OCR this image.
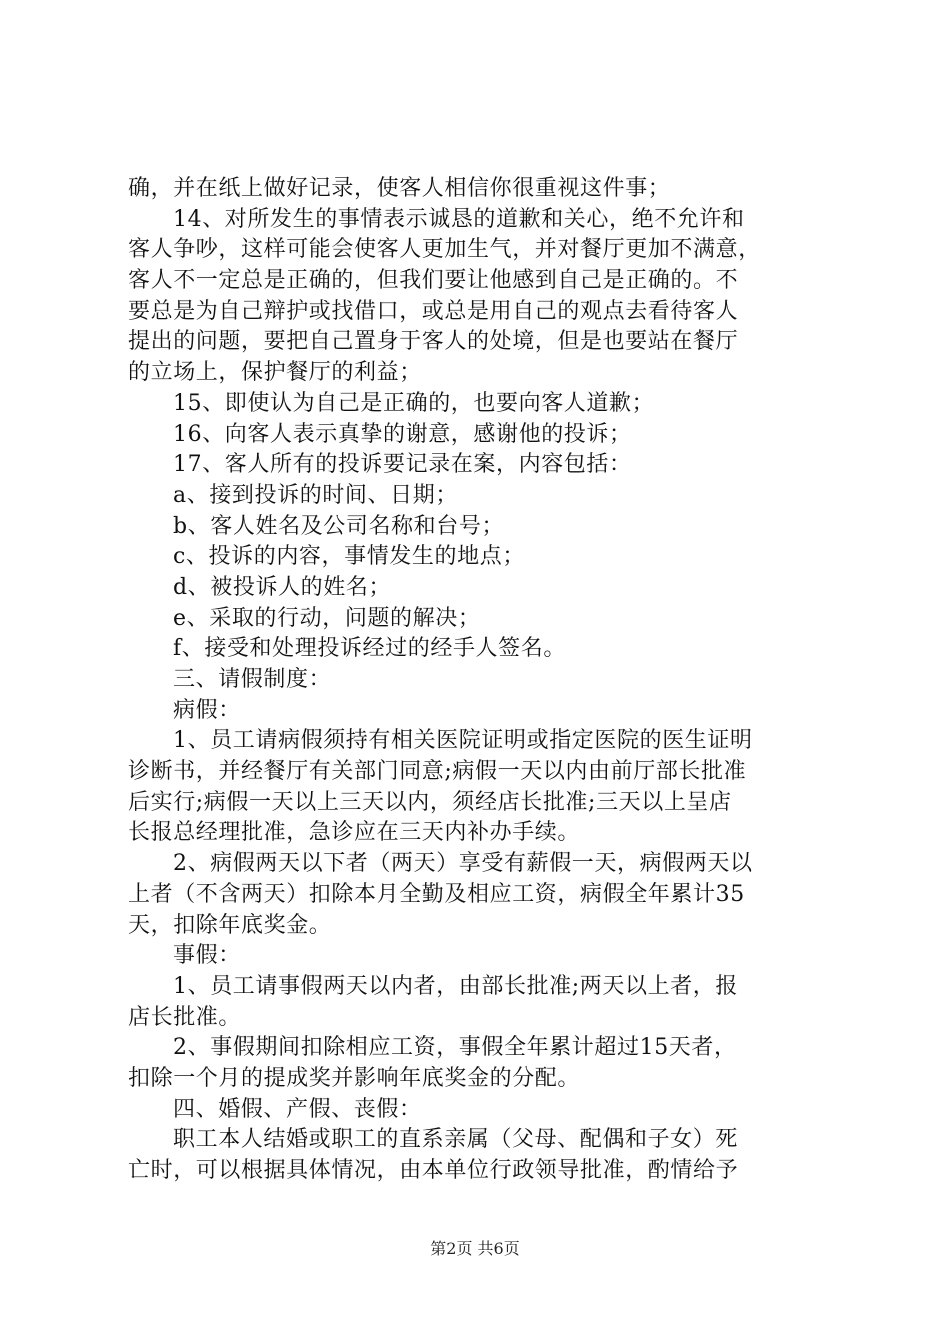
确，并在纸上做好记录，使客人相信你很重视这件事；
14、对所发生的事情表示诚恳的道歉和关心，绝不允许和
客人争吵，这样可能会使客人更加生气，并对餐厅更加不满意，
客人不一定总是正确的，但我们要让他感到自己是正确的。不
要总是为自己辩护或找借口，或总是用自己的观点去看待客人
提出的问题，要把自己置身于客人的处境，但是也要站在餐厅
的立场上，保护餐厅的利益；
15、即使认为自己是正确的，也要向客人道歉；
16、向客人表示真挚的谢意，感谢他的投诉；
17、客人所有的投诉要记录在案，内容包括：
a、接到投诉的时间、日期；
b、客人姓名及公司名称和台号；
c、投诉的内容，事情发生的地点；
d、被投诉人的姓名；
e、采取的行动，问题的解决；
f、接受和处理投诉经过的经手人签名。
三、请假制度：
病假：
1、员工请病假须持有相关医院证明或指定医院的医生证明
诊断书，并经餐厅有关部门同意;病假一天以内由前厅部长批准
后实行;病假一天以上三天以内，须经店长批准;三天以上呈店
长报总经理批准，急诊应在三天内补办手续。
2、病假两天以下者（两天）享受有薪假一天，病假两天以
上者（不含两天）扣除本月全勤及相应工资，病假全年累计35
天，扣除年底奖金。
事假：
1、员工请事假两天以内者，由部长批准;两天以上者，报
店长批准。
2、事假期间扣除相应工资，事假全年累计超过15天者，
扣除一个月的提成奖并影响年底奖金的分配。
四、婚假、产假、丧假：
职工本人结婚或职工的直系亲属（父母、配偶和子女）死
亡时，可以根据具体情况，由本单位行政领导批准，酌情给予
第2页 共6页
